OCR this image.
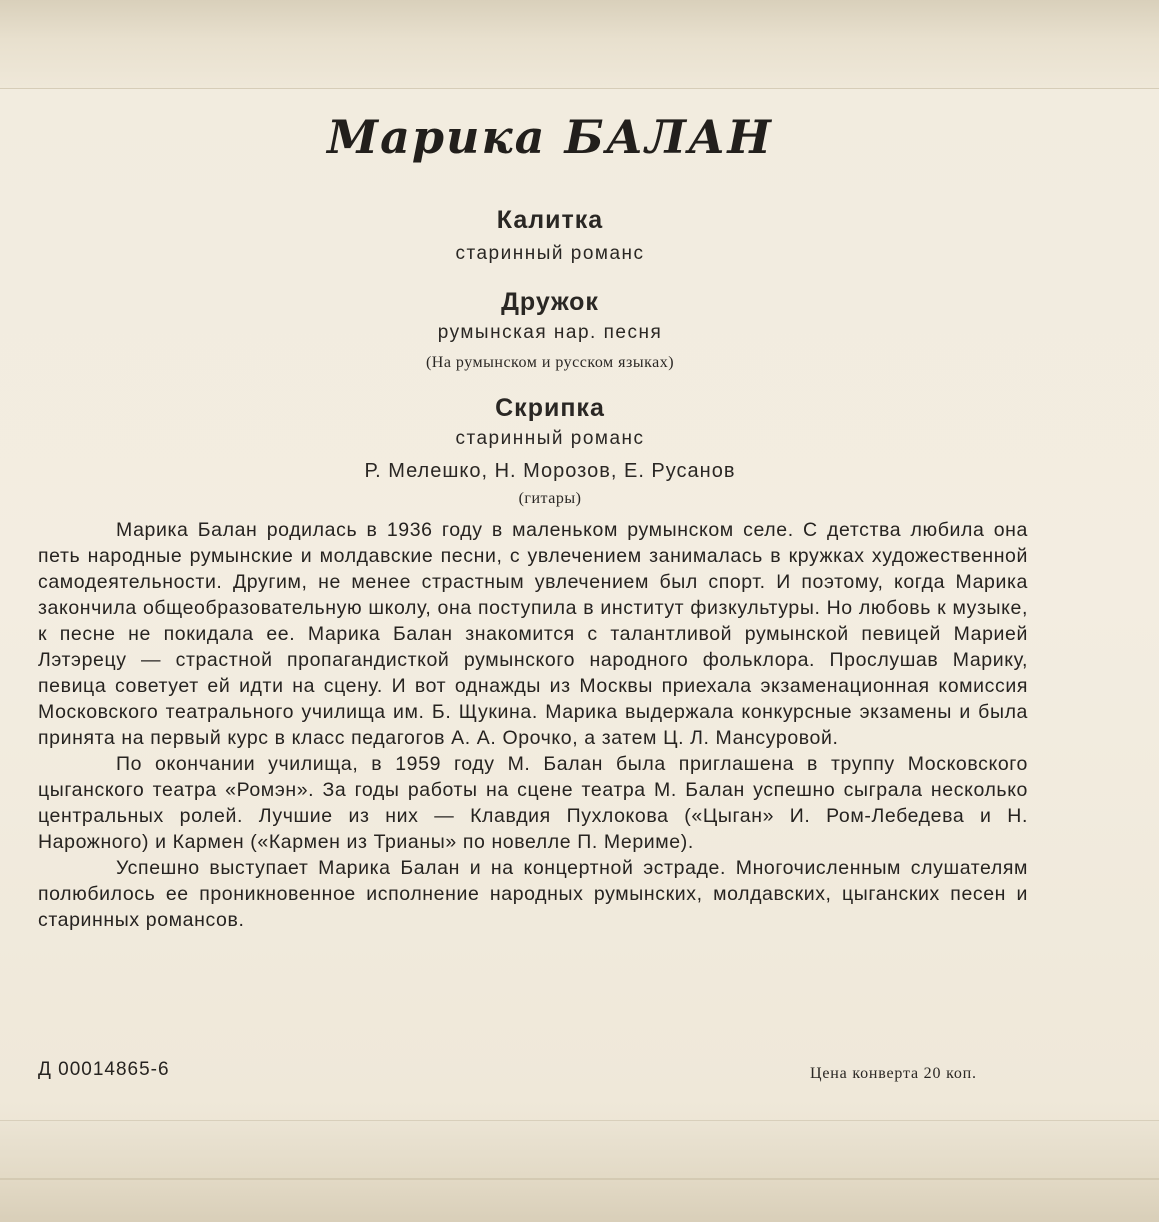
Марика БАЛАН
Калитка
старинный романс
Дружок
румынская нар. песня
(На румынском и русском языках)
Скрипка
старинный романс
Р. Мелешко, Н. Морозов, Е. Русанов
(гитары)

Марика Балан родилась в 1936 году в маленьком румынском селе. С детства любила она петь народные румынские и молдавские песни, с увлечением занималась в кружках художественной самодеятельности. Другим, не менее страстным увлечением был спорт. И поэтому, когда Марика закончила общеобразовательную школу, она поступила в институт физкультуры. Но любовь к музыке, к песне не покидала ее. Марика Балан знакомится с талантливой румынской певицей Марией Лэтэрецу — страстной пропагандисткой румынского народного фольклора. Прослушав Марику, певица советует ей идти на сцену. И вот однажды из Москвы приехала экзаменационная комиссия Московского театрального училища им. Б. Щукина. Марика выдержала конкурсные экзамены и была принята на первый курс в класс педагогов А. А. Орочко, а затем Ц. Л. Мансуровой.

По окончании училища, в 1959 году М. Балан была приглашена в труппу Московского цыганского театра «Ромэн». За годы работы на сцене театра М. Балан успешно сыграла несколько центральных ролей. Лучшие из них — Клавдия Пухлокова («Цыган» И. Ром-Лебедева и Н. Нарожного) и Кармен («Кармен из Трианы» по новелле П. Мериме).

Успешно выступает Марика Балан и на концертной эстраде. Многочисленным слушателям полюбилось ее проникновенное исполнение народных румынских, молдавских, цыганских песен и старинных романсов.

Д 00014865-6	Цена конверта 20 коп.
